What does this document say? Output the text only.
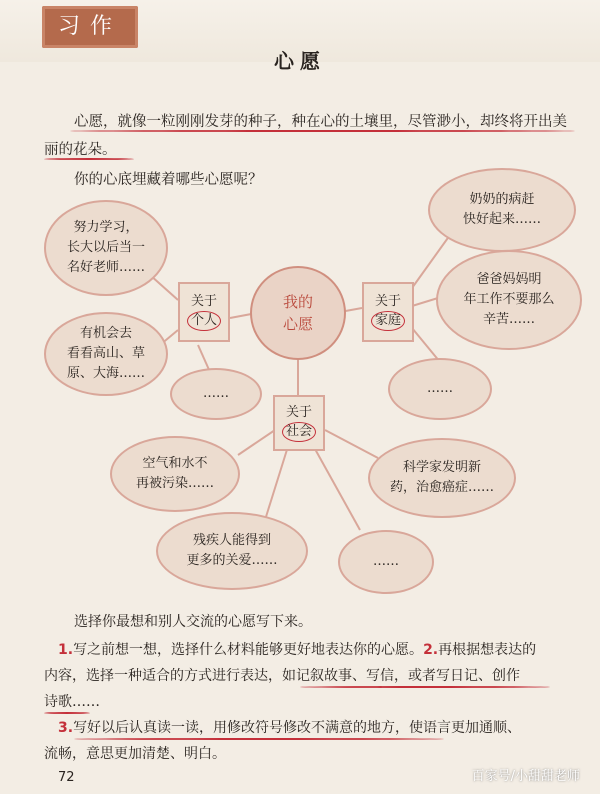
习作
心愿
心愿，就像一粒刚刚发芽的种子，种在心的土壤里，尽管渺小，却终将开出美丽的花朵。
你的心底埋藏着哪些心愿呢？
我的
心愿
关于
个人
关于
家庭
关于
社会
努力学习，
长大以后当一
名好老师……
有机会去
看看高山、草
原、大海……
……
奶奶的病赶
快好起来……
爸爸妈妈明
年工作不要那么
辛苦……
……
空气和水不
再被污染……
科学家发明新
药，治愈癌症……
残疾人能得到
更多的关爱……	……
选择你最想和别人交流的心愿写下来。
1.写之前想一想，选择什么材料能够更好地表达你的心愿。2.再根据想表达的
内容，选择一种适合的方式进行表达，如记叙故事、写信，或者写日记、创作
诗歌……
3.写好以后认真读一读，用修改符号修改不满意的地方，使语言更加通顺、
流畅，意思更加清楚、明白。
72	百家号/小甜甜老师
